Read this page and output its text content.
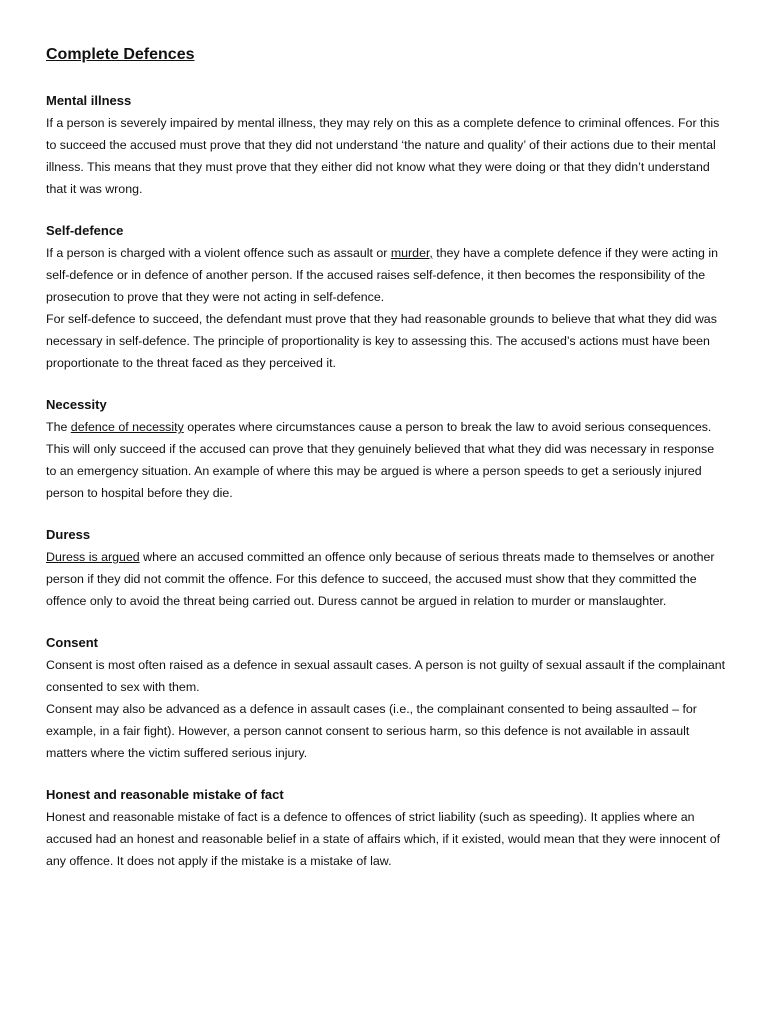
Complete Defences

Mental illness

If a person is severely impaired by mental illness, they may rely on this as a complete defence to criminal offences. For this to succeed the accused must prove that they did not understand ‘the nature and quality’ of their actions due to their mental illness. This means that they must prove that they either did not know what they were doing or that they didn’t understand that it was wrong.

Self-defence

If a person is charged with a violent offence such as assault or murder, they have a complete defence if they were acting in self-defence or in defence of another person. If the accused raises self-defence, it then becomes the responsibility of the prosecution to prove that they were not acting in self-defence.

For self-defence to succeed, the defendant must prove that they had reasonable grounds to believe that what they did was necessary in self-defence. The principle of proportionality is key to assessing this. The accused’s actions must have been proportionate to the threat faced as they perceived it.

Necessity

The defence of necessity operates where circumstances cause a person to break the law to avoid serious consequences. This will only succeed if the accused can prove that they genuinely believed that what they did was necessary in response to an emergency situation. An example of where this may be argued is where a person speeds to get a seriously injured person to hospital before they die.

Duress

Duress is argued where an accused committed an offence only because of serious threats made to themselves or another person if they did not commit the offence. For this defence to succeed, the accused must show that they committed the offence only to avoid the threat being carried out. Duress cannot be argued in relation to murder or manslaughter.

Consent

Consent is most often raised as a defence in sexual assault cases. A person is not guilty of sexual assault if the complainant consented to sex with them.

Consent may also be advanced as a defence in assault cases (i.e., the complainant consented to being assaulted – for example, in a fair fight). However, a person cannot consent to serious harm, so this defence is not available in assault matters where the victim suffered serious injury.

Honest and reasonable mistake of fact

Honest and reasonable mistake of fact is a defence to offences of strict liability (such as speeding). It applies where an accused had an honest and reasonable belief in a state of affairs which, if it existed, would mean that they were innocent of any offence. It does not apply if the mistake is a mistake of law.
